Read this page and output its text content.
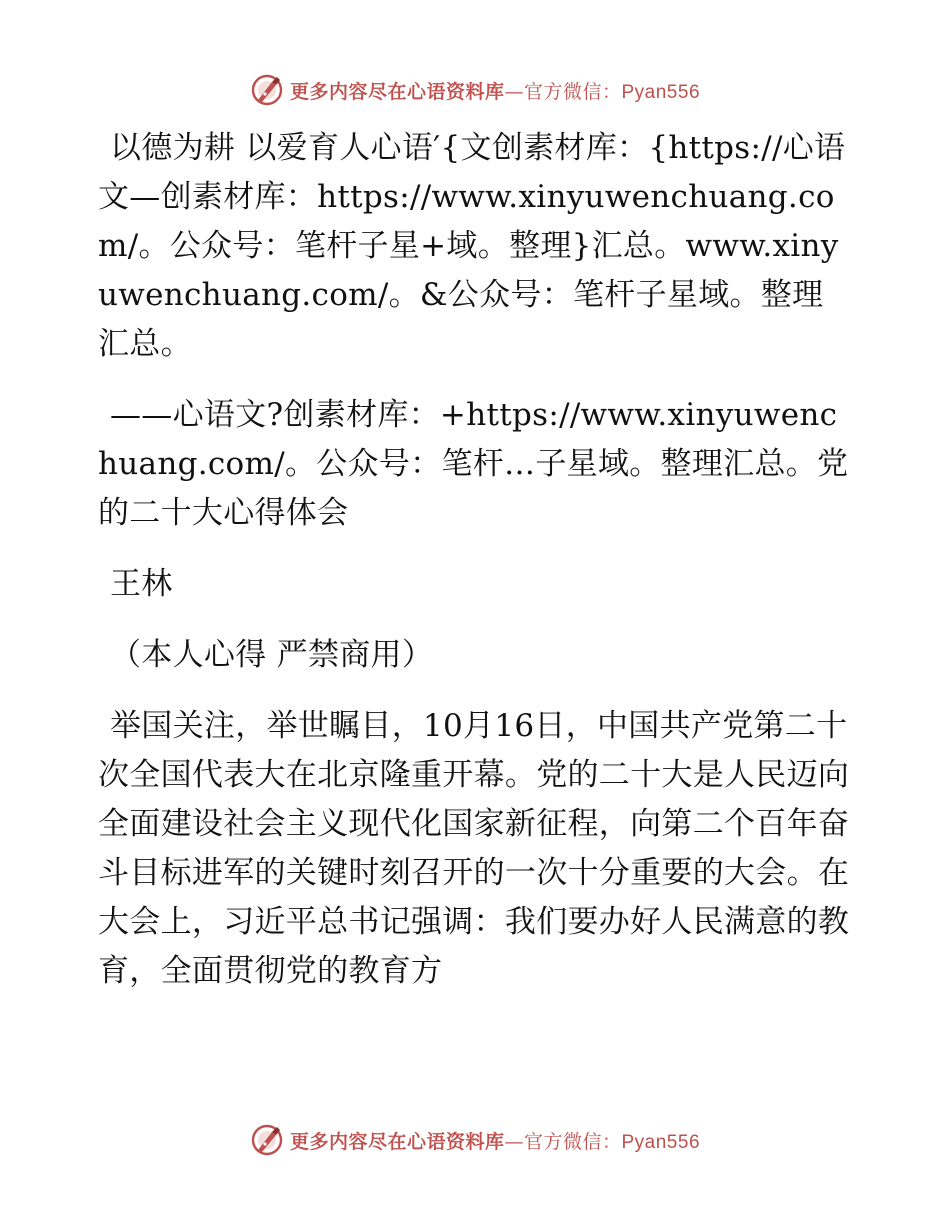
更多内容尽在心语资料库—官方微信：Pyan556

以德为耕 以爱育人心语′{文创素材库：{https://心语文—创素材库：https://www.xinyuwenchuang.com/。公众号：笔杆子星+域。整理}汇总。www.xinyuwenchuang.com/。&公众号：笔杆子星域。整理汇总。

——心语文?创素材库：+https://www.xinyuwenchuang.com/。公众号：笔杆…子星域。整理汇总。党的二十大心得体会

王林

（本人心得 严禁商用）

举国关注，举世瞩目，10月16日，中国共产党第二十次全国代表大在北京隆重开幕。党的二十大是人民迈向全面建设社会主义现代化国家新征程，向第二个百年奋斗目标进军的关键时刻召开的一次十分重要的大会。在大会上，习近平总书记强调：我们要办好人民满意的教育，全面贯彻党的教育方

更多内容尽在心语资料库—官方微信：Pyan556
